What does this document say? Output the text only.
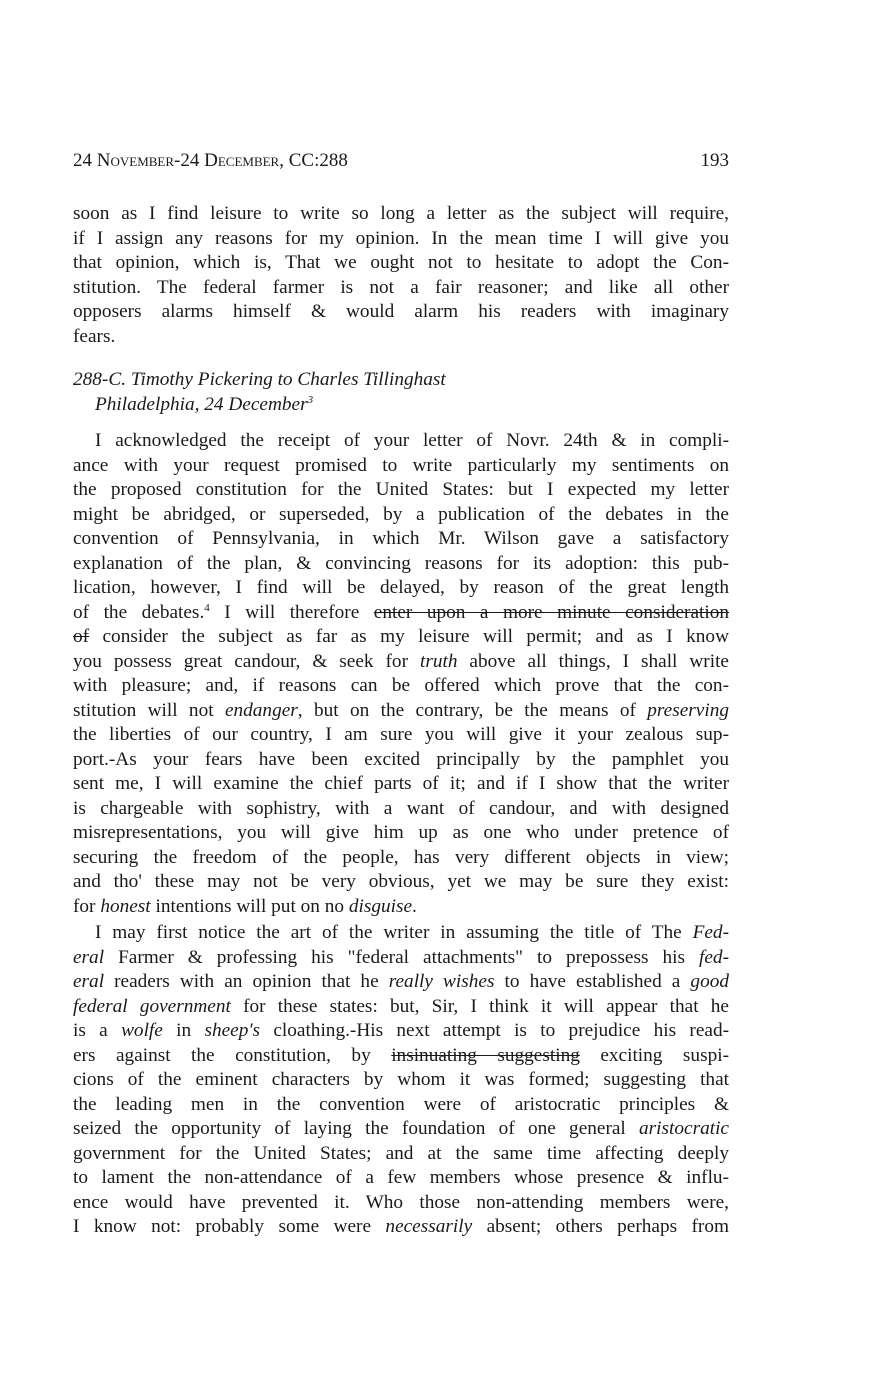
24 November-24 December, CC:288	193
soon as I find leisure to write so long a letter as the subject will require,
if I assign any reasons for my opinion. In the mean time I will give you
that opinion, which is, That we ought not to hesitate to adopt the Con-
stitution. The federal farmer is not a fair reasoner; and like all other
opposers alarms himself & would alarm his readers with imaginary
fears.
288-C. Timothy Pickering to Charles Tillinghast
Philadelphia, 24 December$^3$
I acknowledged the receipt of your letter of Novr. 24th & in compli-
ance with your request promised to write particularly my sentiments on
the proposed constitution for the United States: but I expected my letter
might be abridged, or superseded, by a publication of the debates in the
convention of Pennsylvania, in which Mr. Wilson gave a satisfactory
explanation of the plan, & convincing reasons for its adoption: this pub-
lication, however, I find will be delayed, by reason of the great length
of the debates.$^4$ I will therefore enter upon a more minute consideration
of consider the subject as far as my leisure will permit; and as I know
you possess great candour, & seek for truth above all things, I shall write
with pleasure; and, if reasons can be offered which prove that the con-
stitution will not endanger, but on the contrary, be the means of preserving
the liberties of our country, I am sure you will give it your zealous sup-
port.-As your fears have been excited principally by the pamphlet you
sent me, I will examine the chief parts of it; and if I show that the writer
is chargeable with sophistry, with a want of candour, and with designed
misrepresentations, you will give him up as one who under pretence of
securing the freedom of the people, has very different objects in view;
and tho' these may not be very obvious, yet we may be sure they exist:
for honest intentions will put on no disguise.
I may first notice the art of the writer in assuming the title of The Fed-
eral Farmer & professing his "federal attachments" to prepossess his fed-
eral readers with an opinion that he really wishes to have established a good
federal government for these states: but, Sir, I think it will appear that he
is a wolfe in sheep's cloathing.-His next attempt is to prejudice his read-
ers against the constitution, by insinuating suggesting exciting suspi-
cions of the eminent characters by whom it was formed; suggesting that
the leading men in the convention were of aristocratic principles &
seized the opportunity of laying the foundation of one general aristocratic
government for the United States; and at the same time affecting deeply
to lament the non-attendance of a few members whose presence & influ-
ence would have prevented it. Who those non-attending members were,
I know not: probably some were necessarily absent; others perhaps from
